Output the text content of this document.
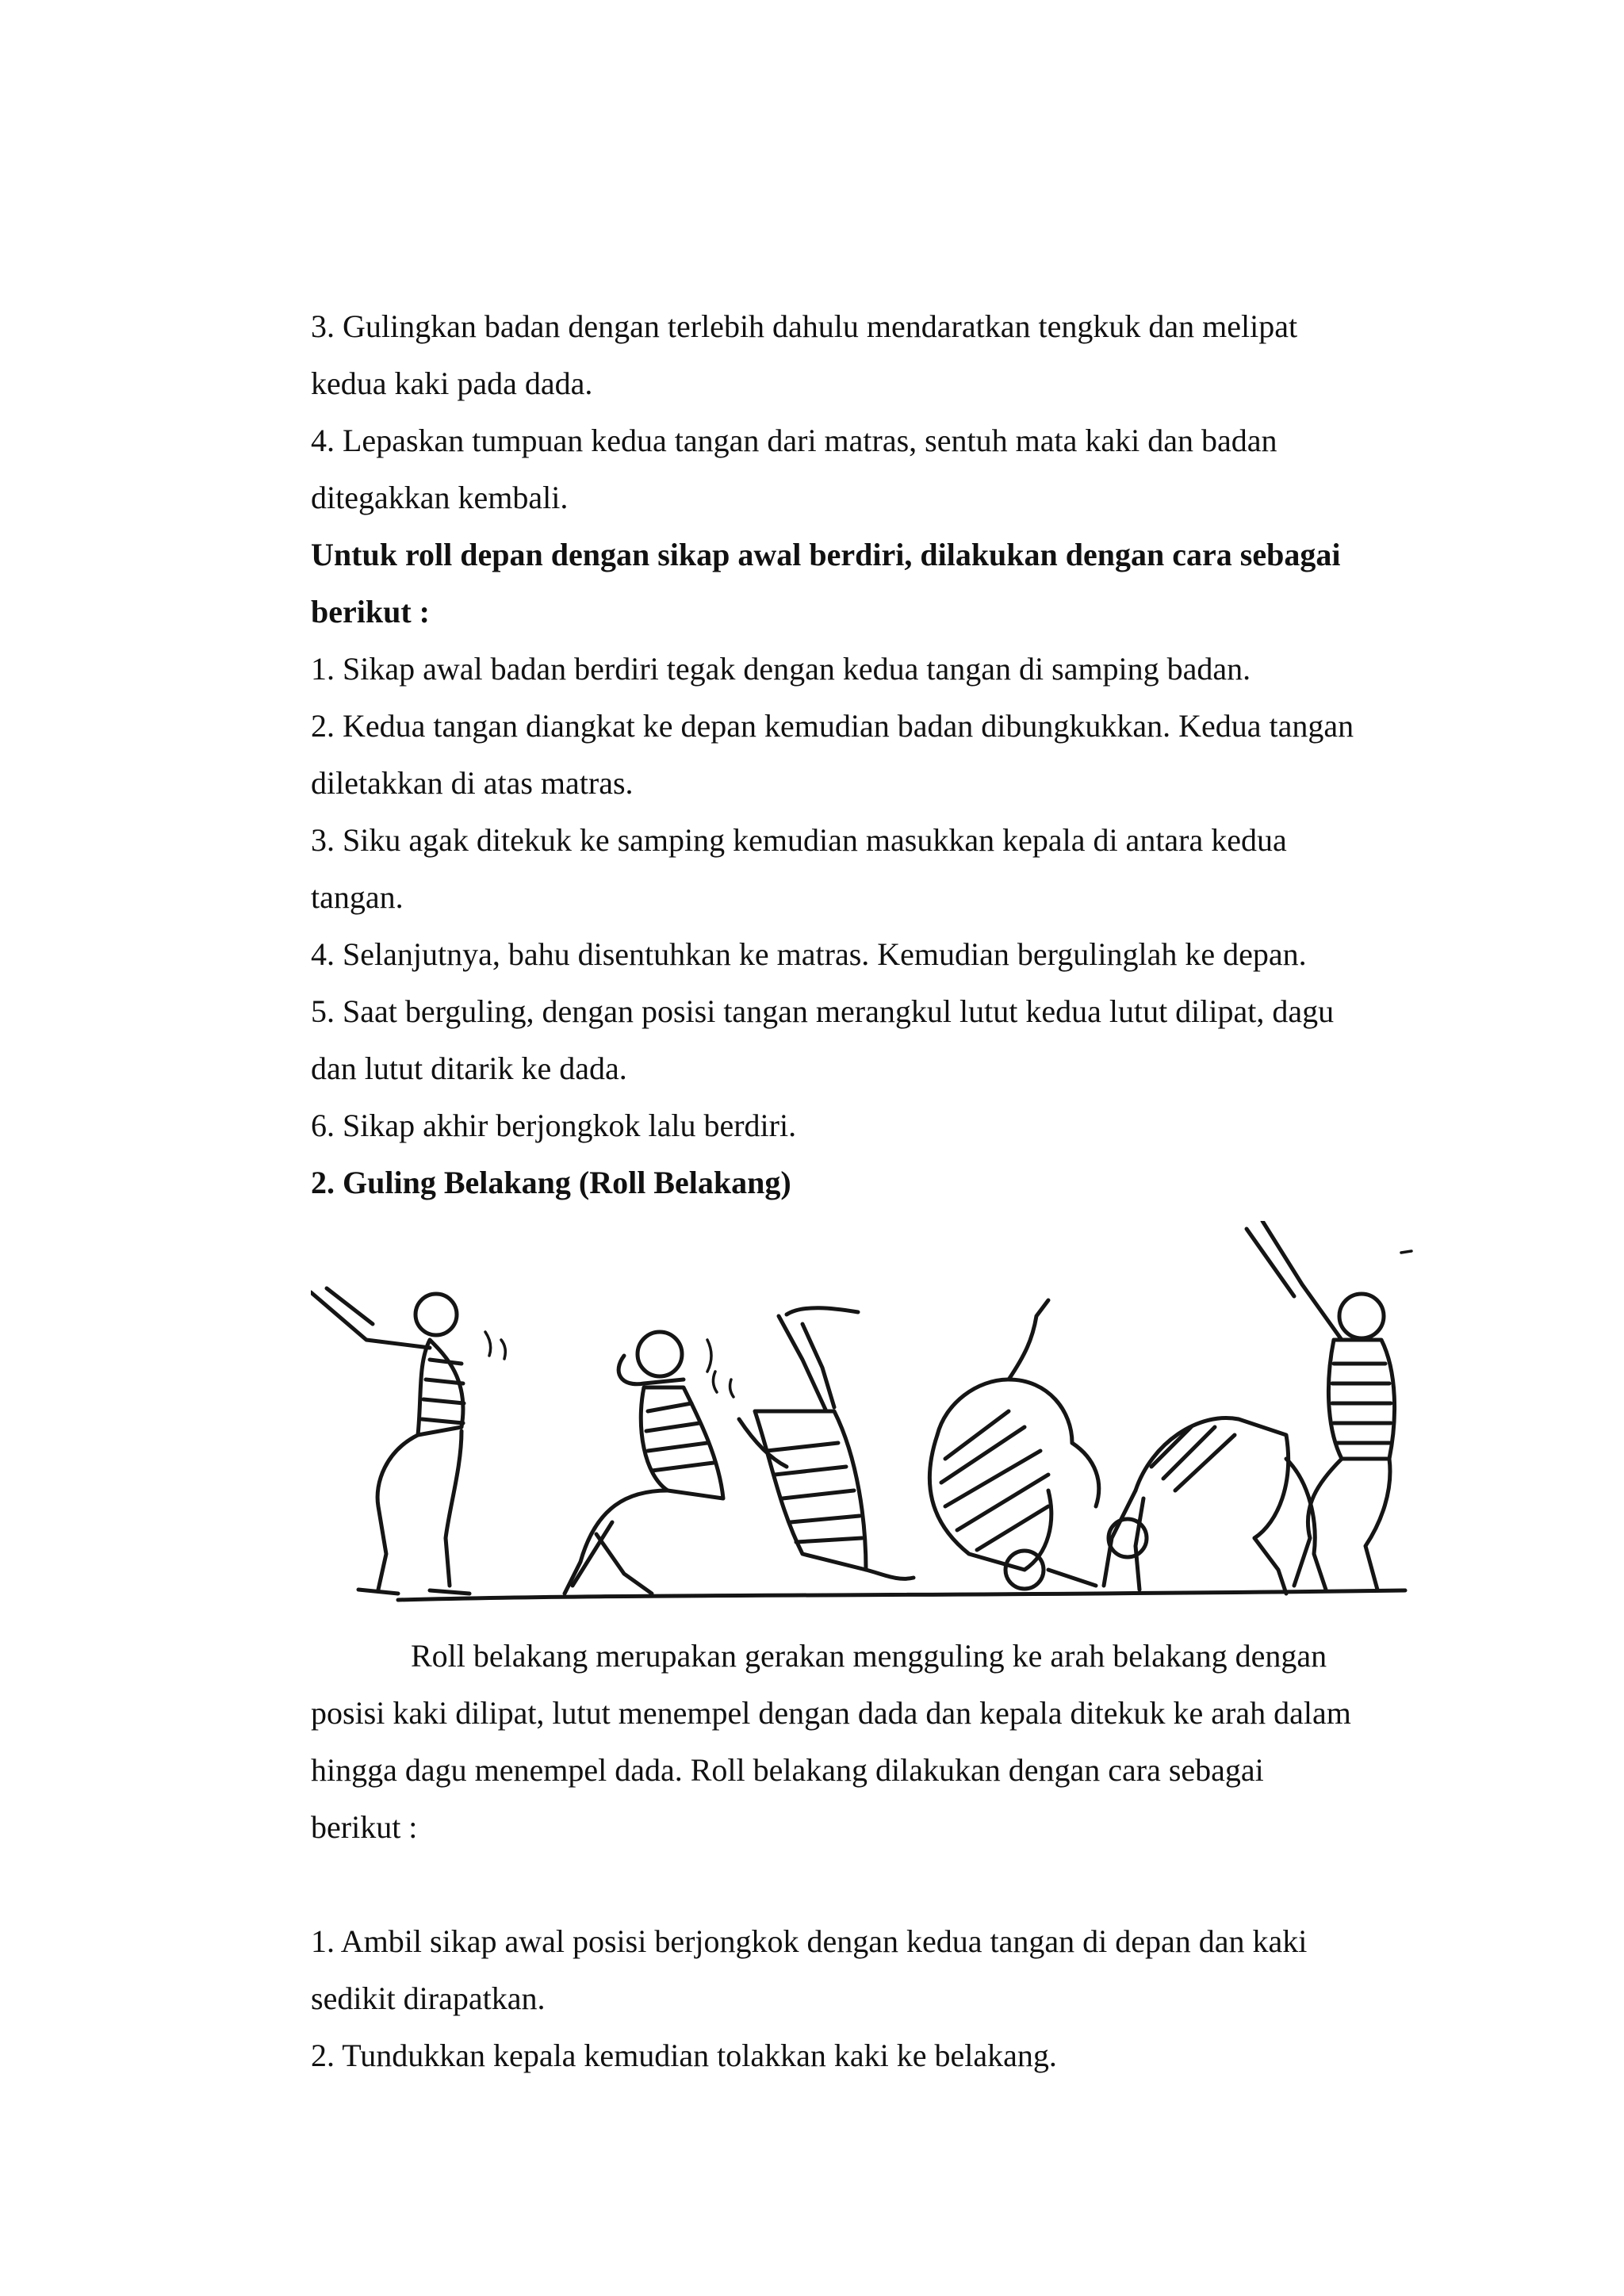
3. Gulingkan badan dengan terlebih dahulu mendaratkan tengkuk dan melipat
kedua kaki pada dada.
4. Lepaskan tumpuan kedua tangan dari matras, sentuh mata kaki dan badan
ditegakkan kembali.
Untuk roll depan dengan sikap awal berdiri, dilakukan dengan cara sebagai
berikut :
1. Sikap awal badan berdiri tegak dengan kedua tangan di samping badan.
2. Kedua tangan diangkat ke depan kemudian badan dibungkukkan. Kedua tangan
diletakkan di atas matras.
3. Siku agak ditekuk ke samping kemudian masukkan kepala di antara kedua
tangan.
4. Selanjutnya, bahu disentuhkan ke matras. Kemudian bergulinglah ke depan.
5. Saat berguling, dengan posisi tangan merangkul lutut kedua lutut dilipat, dagu
dan lutut ditarik ke dada.
6. Sikap akhir berjongkok lalu berdiri.
2. Guling Belakang (Roll Belakang)
Roll belakang merupakan gerakan mengguling ke arah belakang dengan
posisi kaki dilipat, lutut menempel dengan dada dan kepala ditekuk ke arah dalam
hingga dagu menempel dada. Roll belakang dilakukan dengan cara sebagai
berikut :
1. Ambil sikap awal posisi berjongkok dengan kedua tangan di depan dan kaki
sedikit dirapatkan.
2. Tundukkan kepala kemudian tolakkan kaki ke belakang.
